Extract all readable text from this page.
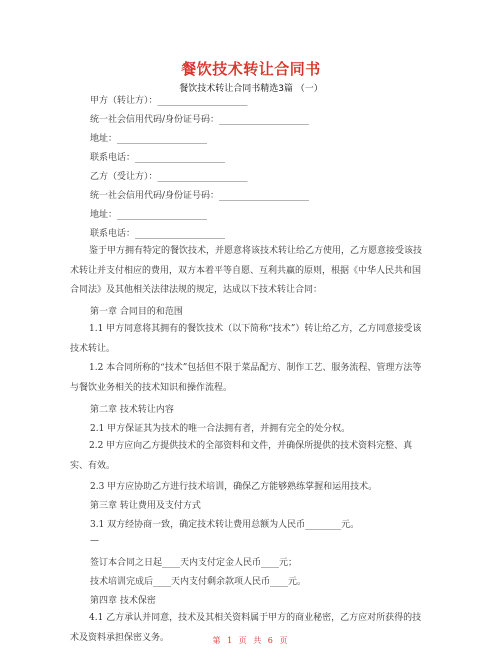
餐饮技术转让合同书
餐饮技术转让合同书精选3篇 （一）
甲方（转让方）：____________________
统一社会信用代码/身份证号码：____________________
地址：____________________
联系电话：____________________
乙方（受让方）：____________________
统一社会信用代码/身份证号码：____________________
地址：____________________
联系电话：____________________
鉴于甲方拥有特定的餐饮技术，并愿意将该技术转让给乙方使用，乙方愿意接受该技术转让并支付相应的费用，双方本着平等自愿、互利共赢的原则，根据《中华人民共和国合同法》及其他相关法律法规的规定，达成以下技术转让合同：
第一章 合同目的和范围
1.1 甲方同意将其拥有的餐饮技术（以下简称“技术”）转让给乙方，乙方同意接受该技术转让。
1.2 本合同所称的“技术”包括但不限于菜品配方、制作工艺、服务流程、管理方法等与餐饮业务相关的技术知识和操作流程。
第二章 技术转让内容
2.1 甲方保证其为技术的唯一合法拥有者，并拥有完全的处分权。
2.2 甲方应向乙方提供技术的全部资料和文件，并确保所提供的技术资料完整、真实、有效。
2.3 甲方应协助乙方进行技术培训，确保乙方能够熟练掌握和运用技术。
第三章 转让费用及支付方式
3.1 双方经协商一致，确定技术转让费用总额为人民币________元。
—
签订本合同之日起____天内支付定金人民币____元；
技术培训完成后____天内支付剩余款项人民币____元。
第四章 技术保密
4.1 乙方承认并同意，技术及其相关资料属于甲方的商业秘密，乙方应对所获得的技术及资料承担保密义务。	第 1 页 共 6 页
